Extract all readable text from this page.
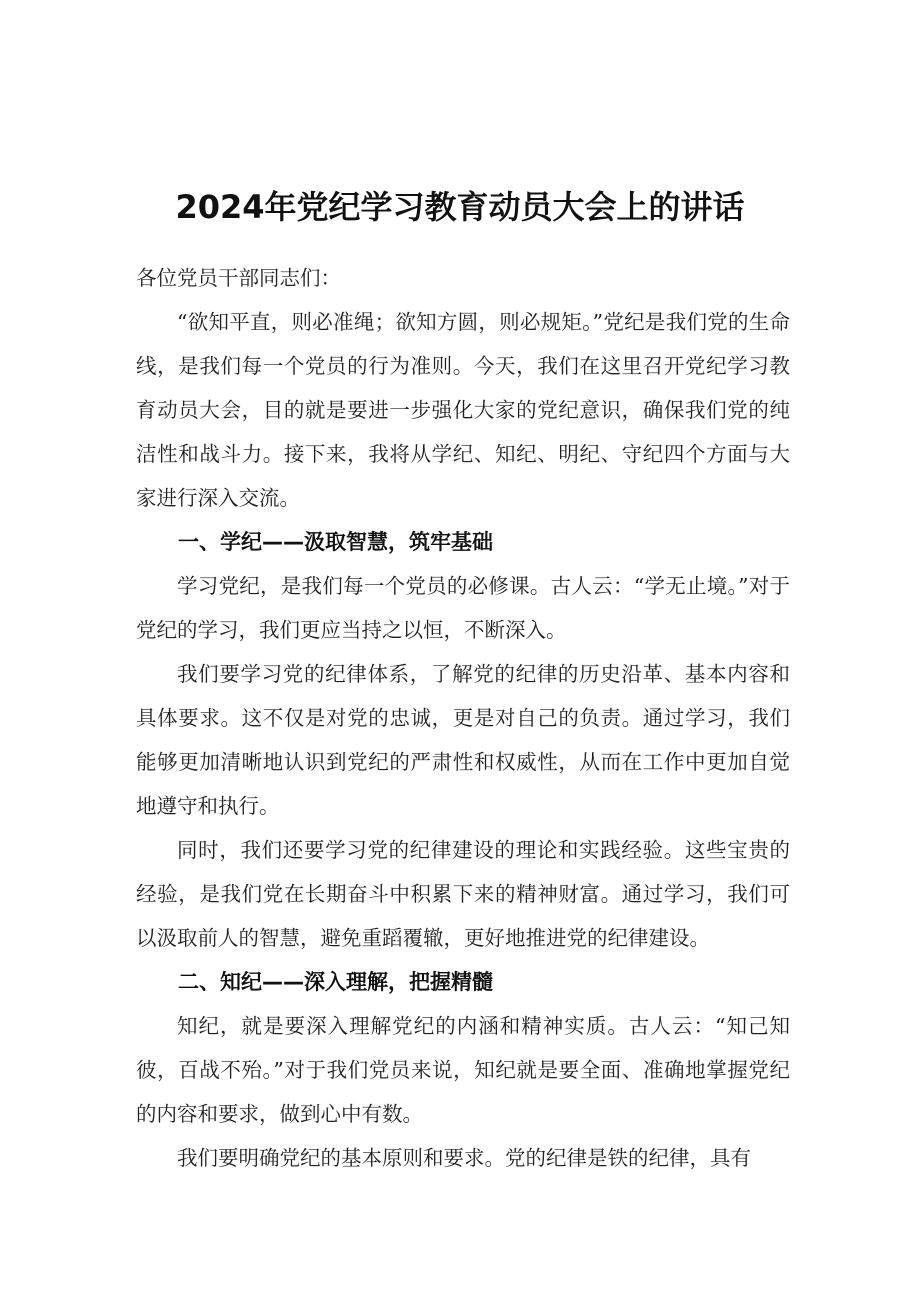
2024年党纪学习教育动员大会上的讲话

各位党员干部同志们：

“欲知平直，则必准绳；欲知方圆，则必规矩。”党纪是我们党的生命线，是我们每一个党员的行为准则。今天，我们在这里召开党纪学习教育动员大会，目的就是要进一步强化大家的党纪意识，确保我们党的纯洁性和战斗力。接下来，我将从学纪、知纪、明纪、守纪四个方面与大家进行深入交流。

一、学纪——汲取智慧，筑牢基础

学习党纪，是我们每一个党员的必修课。古人云：“学无止境。”对于党纪的学习，我们更应当持之以恒，不断深入。

我们要学习党的纪律体系，了解党的纪律的历史沿革、基本内容和具体要求。这不仅是对党的忠诚，更是对自己的负责。通过学习，我们能够更加清晰地认识到党纪的严肃性和权威性，从而在工作中更加自觉地遵守和执行。

同时，我们还要学习党的纪律建设的理论和实践经验。这些宝贵的经验，是我们党在长期奋斗中积累下来的精神财富。通过学习，我们可以汲取前人的智慧，避免重蹈覆辙，更好地推进党的纪律建设。

二、知纪——深入理解，把握精髓

知纪，就是要深入理解党纪的内涵和精神实质。古人云：“知己知彼，百战不殆。”对于我们党员来说，知纪就是要全面、准确地掌握党纪的内容和要求，做到心中有数。

我们要明确党纪的基本原则和要求。党的纪律是铁的纪律，具有
